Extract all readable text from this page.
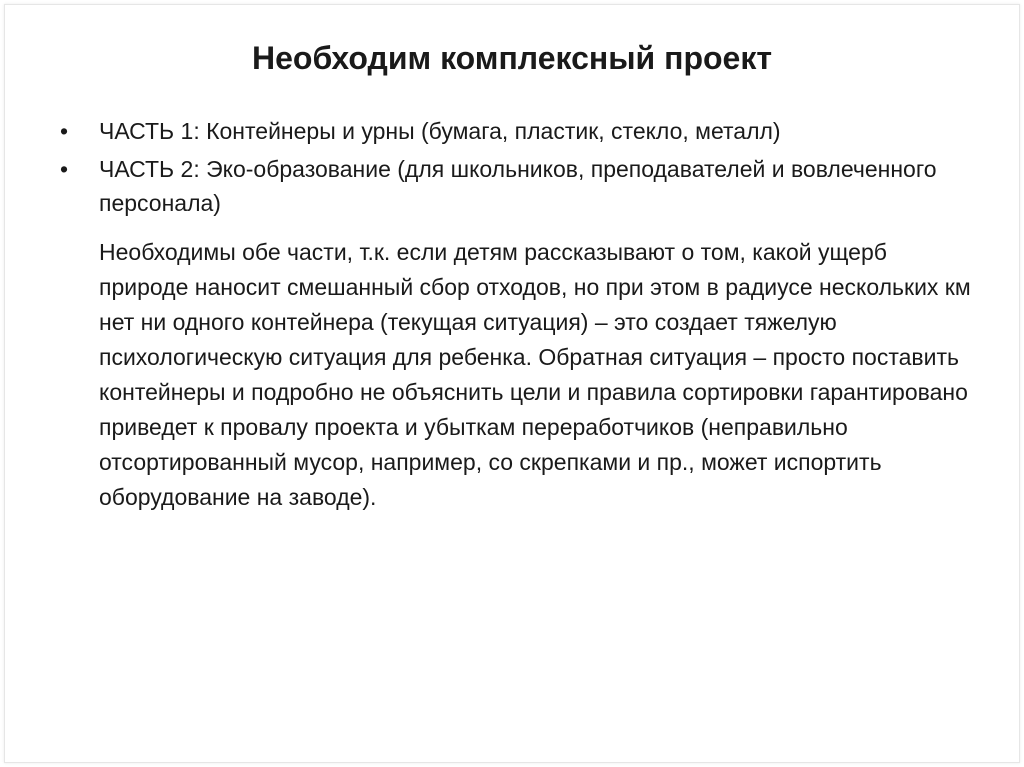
Необходим комплексный проект
• ЧАСТЬ 1: Контейнеры и урны (бумага, пластик, стекло, металл)
• ЧАСТЬ 2: Эко-образование (для школьников, преподавателей и вовлеченного персонала)

Необходимы обе части, т.к. если детям рассказывают о том, какой ущерб природе наносит смешанный сбор отходов, но при этом в радиусе нескольких км нет ни одного контейнера (текущая ситуация) – это создает тяжелую психологическую ситуация для ребенка. Обратная ситуация – просто поставить контейнеры и подробно не объяснить цели и правила сортировки гарантировано приведет к провалу проекта и убыткам переработчиков (неправильно отсортированный мусор, например, со скрепками и пр., может испортить оборудование на заводе).
